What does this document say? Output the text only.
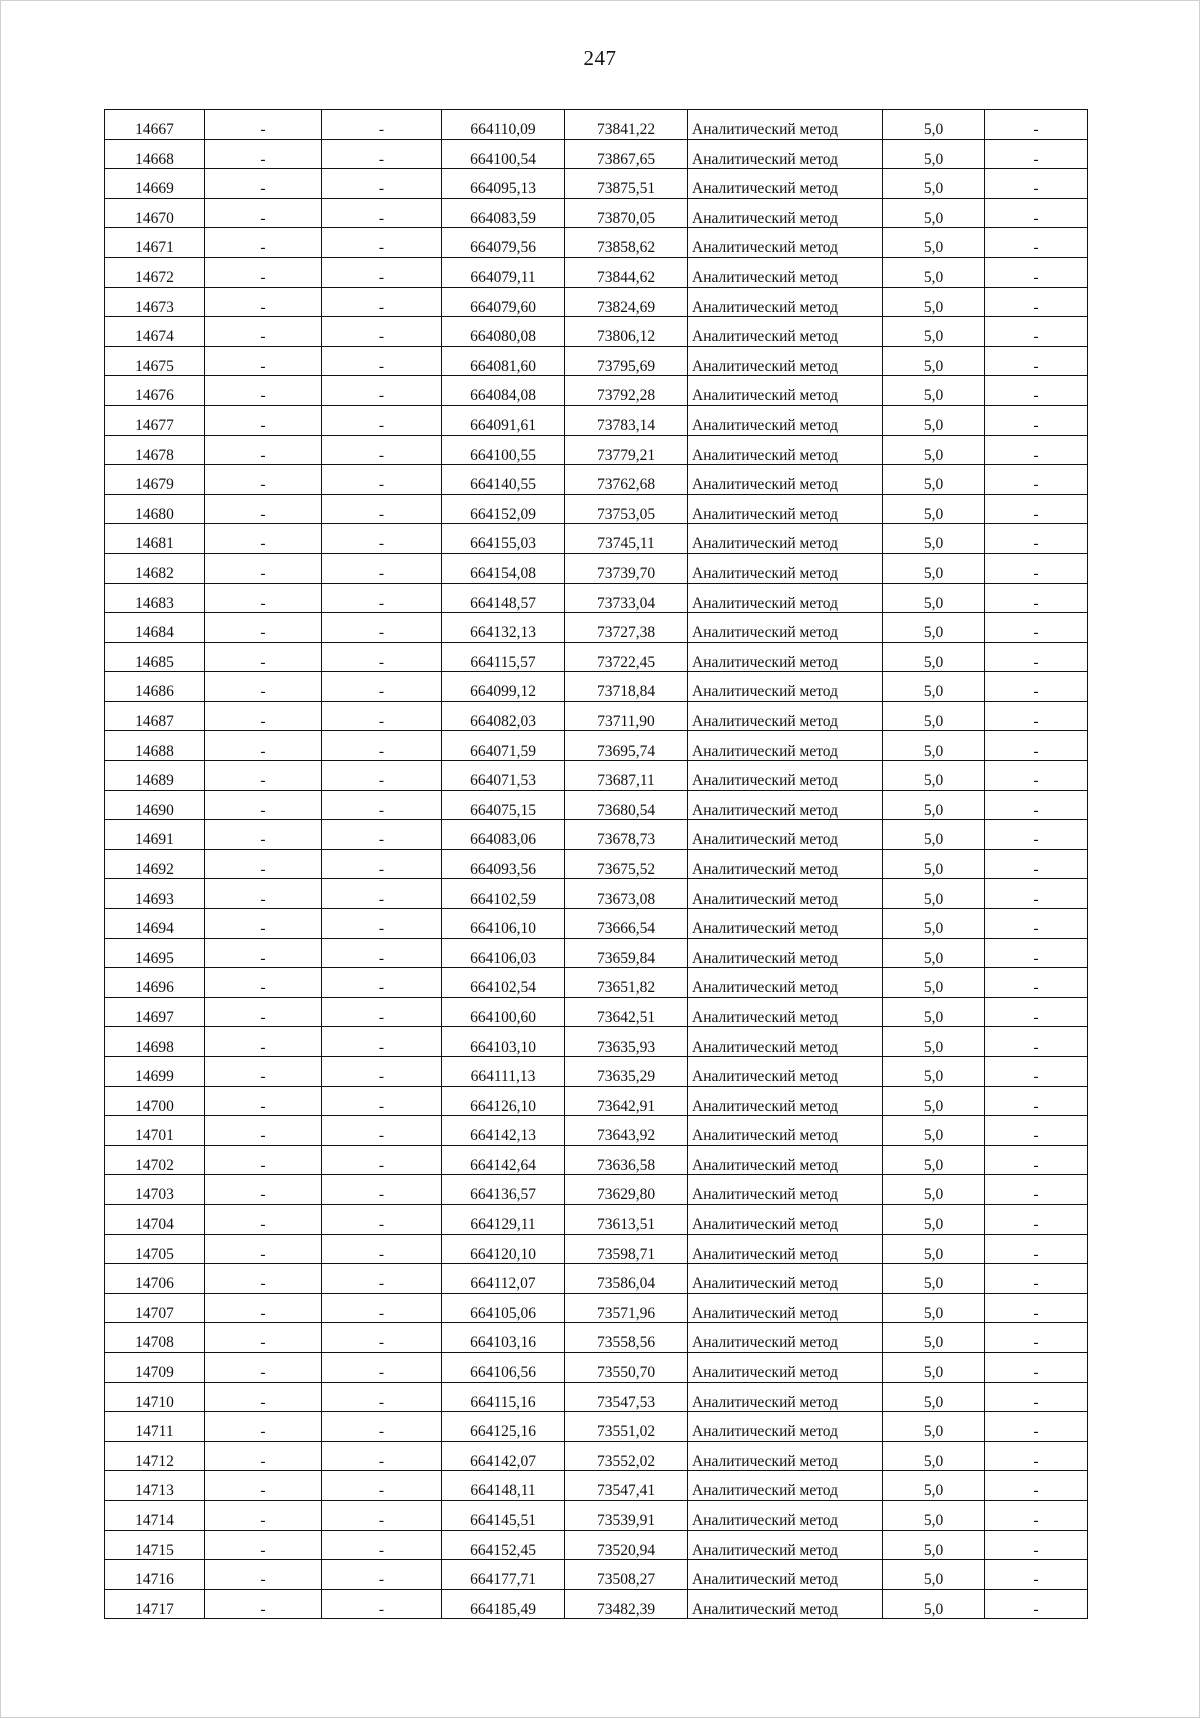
247
14667	-	-	664110,09	73841,22	Аналитический метод	5,0	-
14668	-	-	664100,54	73867,65	Аналитический метод	5,0	-
14669	-	-	664095,13	73875,51	Аналитический метод	5,0	-
14670	-	-	664083,59	73870,05	Аналитический метод	5,0	-
14671	-	-	664079,56	73858,62	Аналитический метод	5,0	-
14672	-	-	664079,11	73844,62	Аналитический метод	5,0	-
14673	-	-	664079,60	73824,69	Аналитический метод	5,0	-
14674	-	-	664080,08	73806,12	Аналитический метод	5,0	-
14675	-	-	664081,60	73795,69	Аналитический метод	5,0	-
14676	-	-	664084,08	73792,28	Аналитический метод	5,0	-
14677	-	-	664091,61	73783,14	Аналитический метод	5,0	-
14678	-	-	664100,55	73779,21	Аналитический метод	5,0	-
14679	-	-	664140,55	73762,68	Аналитический метод	5,0	-
14680	-	-	664152,09	73753,05	Аналитический метод	5,0	-
14681	-	-	664155,03	73745,11	Аналитический метод	5,0	-
14682	-	-	664154,08	73739,70	Аналитический метод	5,0	-
14683	-	-	664148,57	73733,04	Аналитический метод	5,0	-
14684	-	-	664132,13	73727,38	Аналитический метод	5,0	-
14685	-	-	664115,57	73722,45	Аналитический метод	5,0	-
14686	-	-	664099,12	73718,84	Аналитический метод	5,0	-
14687	-	-	664082,03	73711,90	Аналитический метод	5,0	-
14688	-	-	664071,59	73695,74	Аналитический метод	5,0	-
14689	-	-	664071,53	73687,11	Аналитический метод	5,0	-
14690	-	-	664075,15	73680,54	Аналитический метод	5,0	-
14691	-	-	664083,06	73678,73	Аналитический метод	5,0	-
14692	-	-	664093,56	73675,52	Аналитический метод	5,0	-
14693	-	-	664102,59	73673,08	Аналитический метод	5,0	-
14694	-	-	664106,10	73666,54	Аналитический метод	5,0	-
14695	-	-	664106,03	73659,84	Аналитический метод	5,0	-
14696	-	-	664102,54	73651,82	Аналитический метод	5,0	-
14697	-	-	664100,60	73642,51	Аналитический метод	5,0	-
14698	-	-	664103,10	73635,93	Аналитический метод	5,0	-
14699	-	-	664111,13	73635,29	Аналитический метод	5,0	-
14700	-	-	664126,10	73642,91	Аналитический метод	5,0	-
14701	-	-	664142,13	73643,92	Аналитический метод	5,0	-
14702	-	-	664142,64	73636,58	Аналитический метод	5,0	-
14703	-	-	664136,57	73629,80	Аналитический метод	5,0	-
14704	-	-	664129,11	73613,51	Аналитический метод	5,0	-
14705	-	-	664120,10	73598,71	Аналитический метод	5,0	-
14706	-	-	664112,07	73586,04	Аналитический метод	5,0	-
14707	-	-	664105,06	73571,96	Аналитический метод	5,0	-
14708	-	-	664103,16	73558,56	Аналитический метод	5,0	-
14709	-	-	664106,56	73550,70	Аналитический метод	5,0	-
14710	-	-	664115,16	73547,53	Аналитический метод	5,0	-
14711	-	-	664125,16	73551,02	Аналитический метод	5,0	-
14712	-	-	664142,07	73552,02	Аналитический метод	5,0	-
14713	-	-	664148,11	73547,41	Аналитический метод	5,0	-
14714	-	-	664145,51	73539,91	Аналитический метод	5,0	-
14715	-	-	664152,45	73520,94	Аналитический метод	5,0	-
14716	-	-	664177,71	73508,27	Аналитический метод	5,0	-
14717	-	-	664185,49	73482,39	Аналитический метод	5,0	-
